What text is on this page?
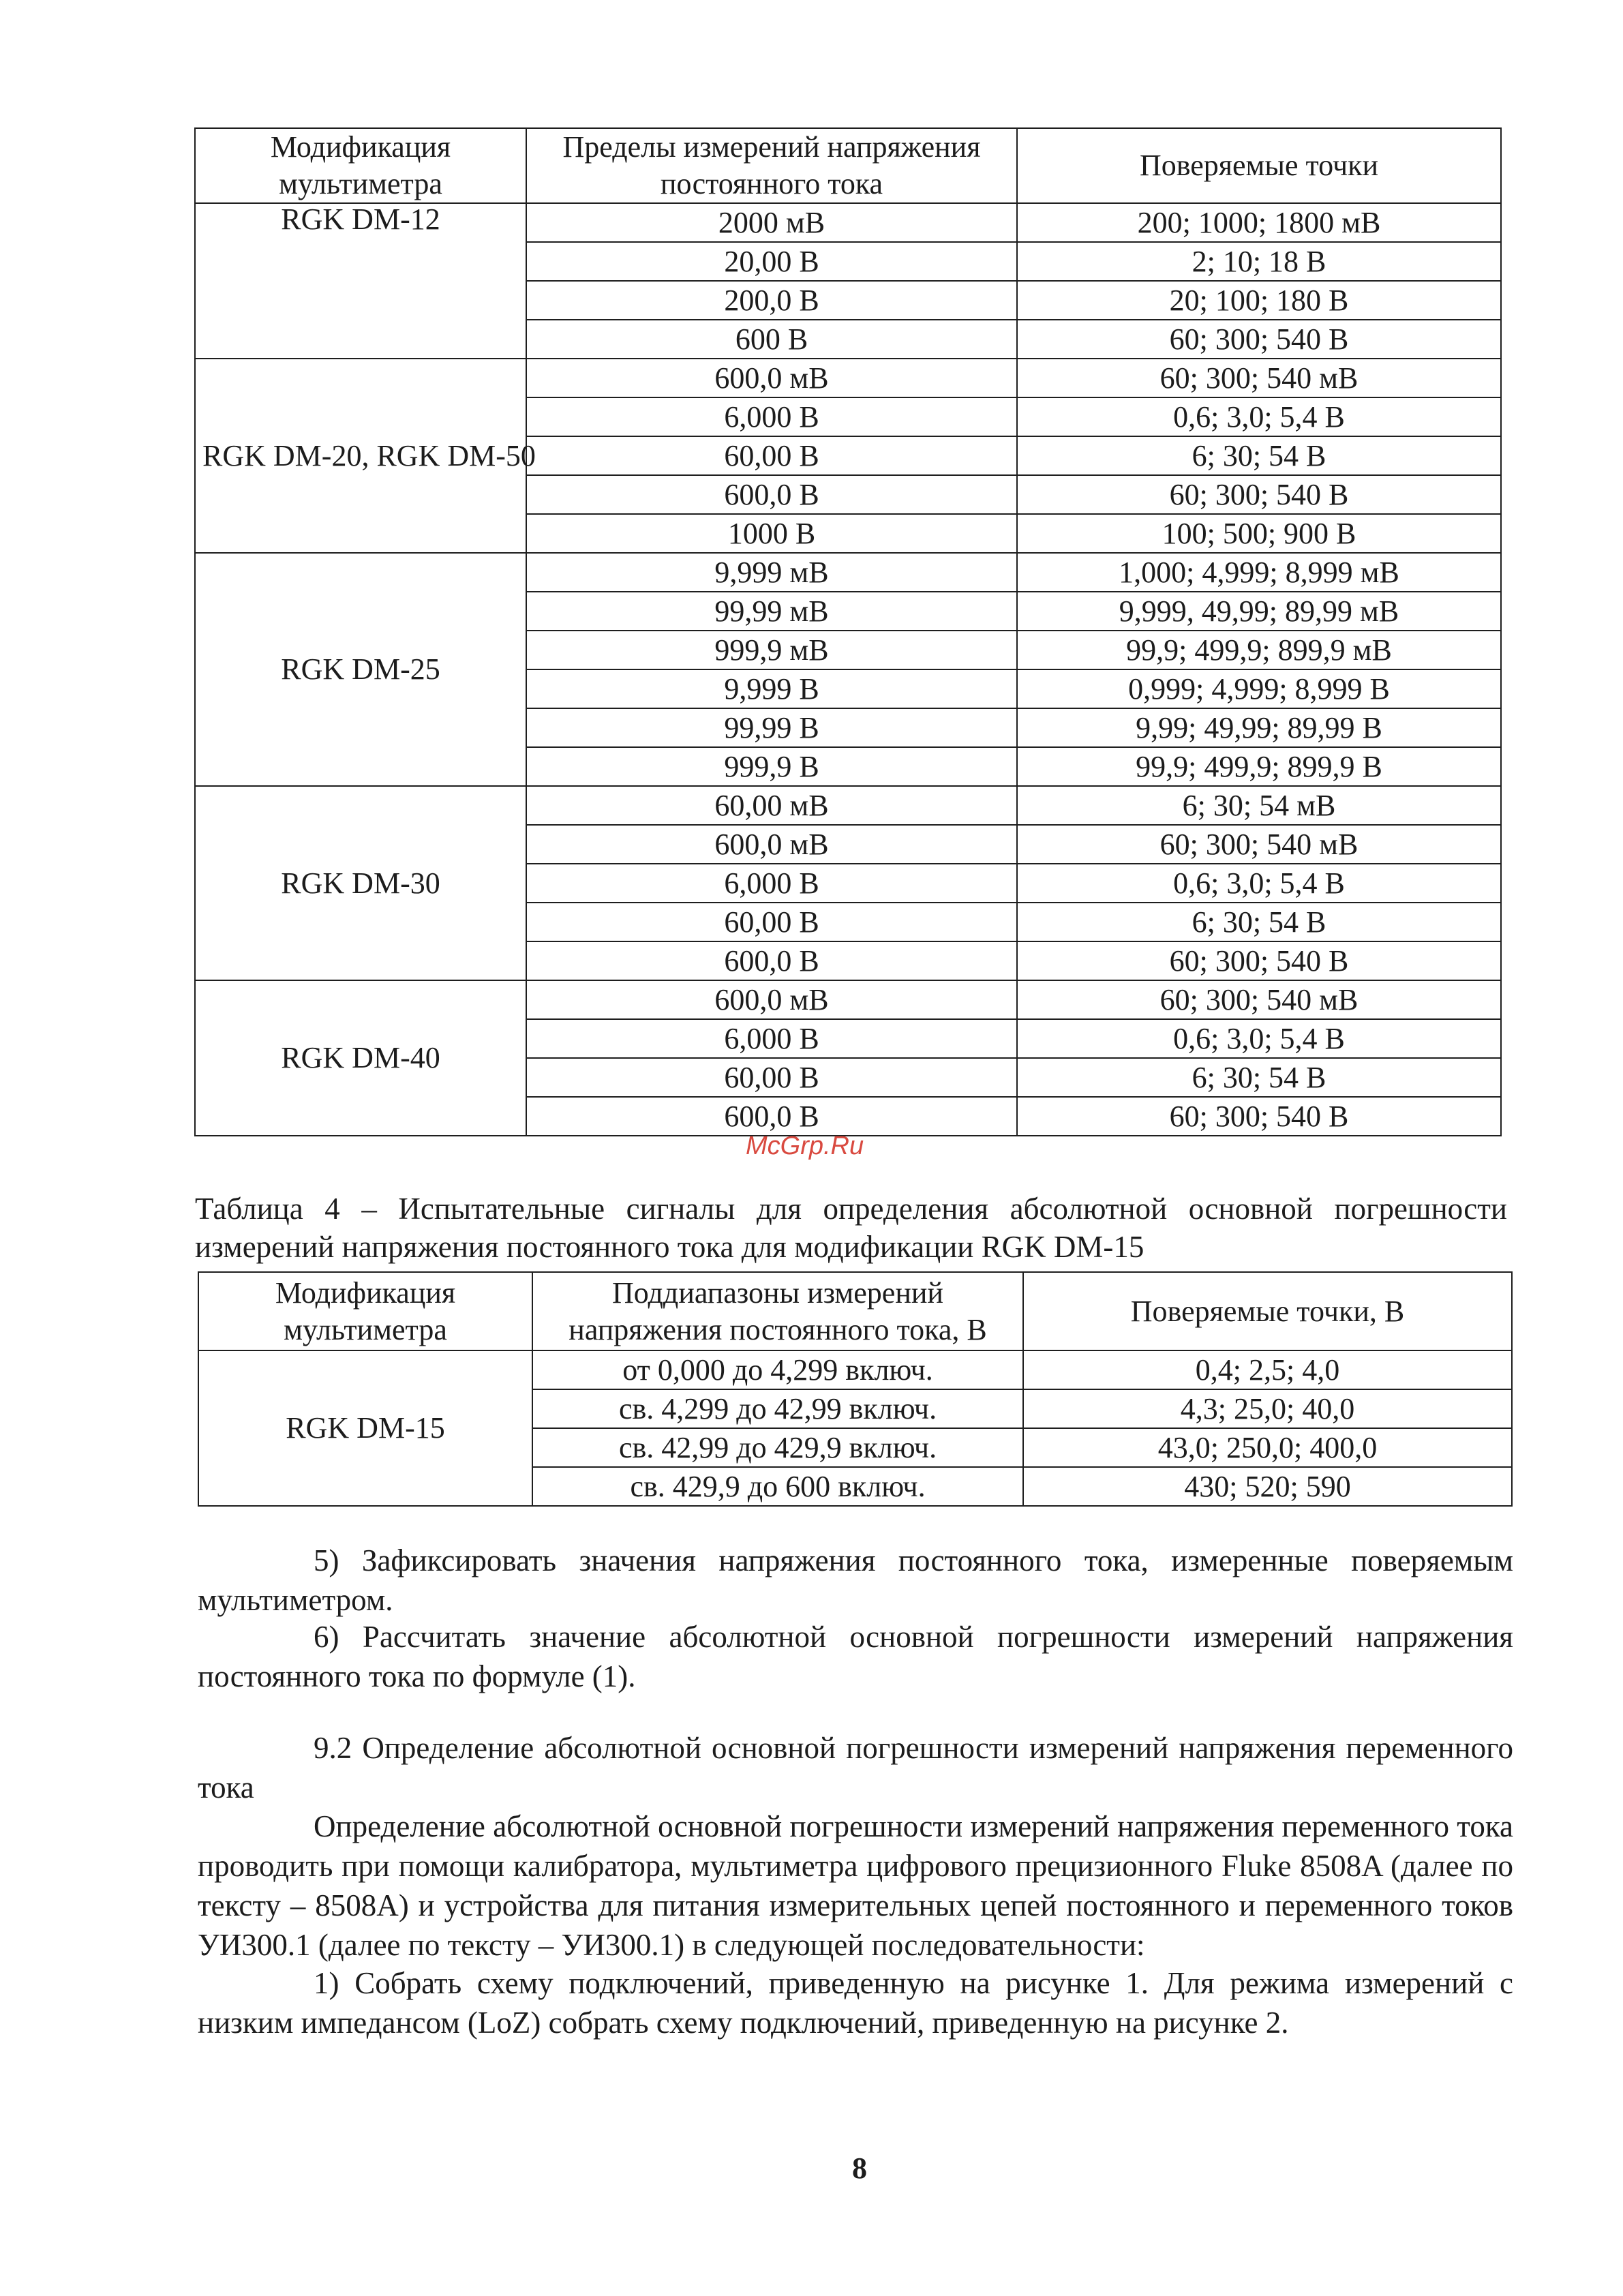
Модификация мультиметра	Пределы измерений напряжения постоянного тока	Поверяемые точки
RGK DM-12	2000 мВ	200; 1000; 1800 мВ
	20,00 В	2; 10; 18 В
	200,0 В	20; 100; 180 В
	600 В	60; 300; 540 В
RGK DM-20, RGK DM-50	600,0 мВ	60; 300; 540 мВ
	6,000 В	0,6; 3,0; 5,4 В
	60,00 В	6; 30; 54 В
	600,0 В	60; 300; 540 В
	1000 В	100; 500; 900 В
RGK DM-25	9,999 мВ	1,000; 4,999; 8,999 мВ
	99,99 мВ	9,999, 49,99; 89,99 мВ
	999,9 мВ	99,9; 499,9; 899,9 мВ
	9,999 В	0,999; 4,999; 8,999 В
	99,99 В	9,99; 49,99; 89,99 В
	999,9 В	99,9; 499,9; 899,9 В
RGK DM-30	60,00 мВ	6; 30; 54 мВ
	600,0 мВ	60; 300; 540 мВ
	6,000 В	0,6; 3,0; 5,4 В
	60,00 В	6; 30; 54 В
	600,0 В	60; 300; 540 В
RGK DM-40	600,0 мВ	60; 300; 540 мВ
	6,000 В	0,6; 3,0; 5,4 В
	60,00 В	6; 30; 54 В
	600,0 В	60; 300; 540 В
McGrp.Ru
Таблица 4 – Испытательные сигналы для определения абсолютной основной погрешности измерений напряжения постоянного тока для модификации RGK DM-15
Модификация мультиметра	Поддиапазоны измерений напряжения постоянного тока, В	Поверяемые точки, В
RGK DM-15	от 0,000 до 4,299 включ.	0,4; 2,5; 4,0
	св. 4,299 до 42,99 включ.	4,3; 25,0; 40,0
	св. 42,99 до 429,9 включ.	43,0; 250,0; 400,0
	св. 429,9 до 600 включ.	430; 520; 590

5) Зафиксировать значения напряжения постоянного тока, измеренные поверяемым мультиметром.

6) Рассчитать значение абсолютной основной погрешности измерений напряжения постоянного тока по формуле (1).

9.2 Определение абсолютной основной погрешности измерений напряжения переменного тока

Определение абсолютной основной погрешности измерений напряжения переменного тока проводить при помощи калибратора, мультиметра цифрового прецизионного Fluke 8508A (далее по тексту – 8508A) и устройства для питания измерительных цепей постоянного и переменного токов УИ300.1 (далее по тексту – УИ300.1) в следующей последовательности:

1) Собрать схему подключений, приведенную на рисунке 1. Для режима измерений с низким импедансом (LoZ) собрать схему подключений, приведенную на рисунке 2.

8
